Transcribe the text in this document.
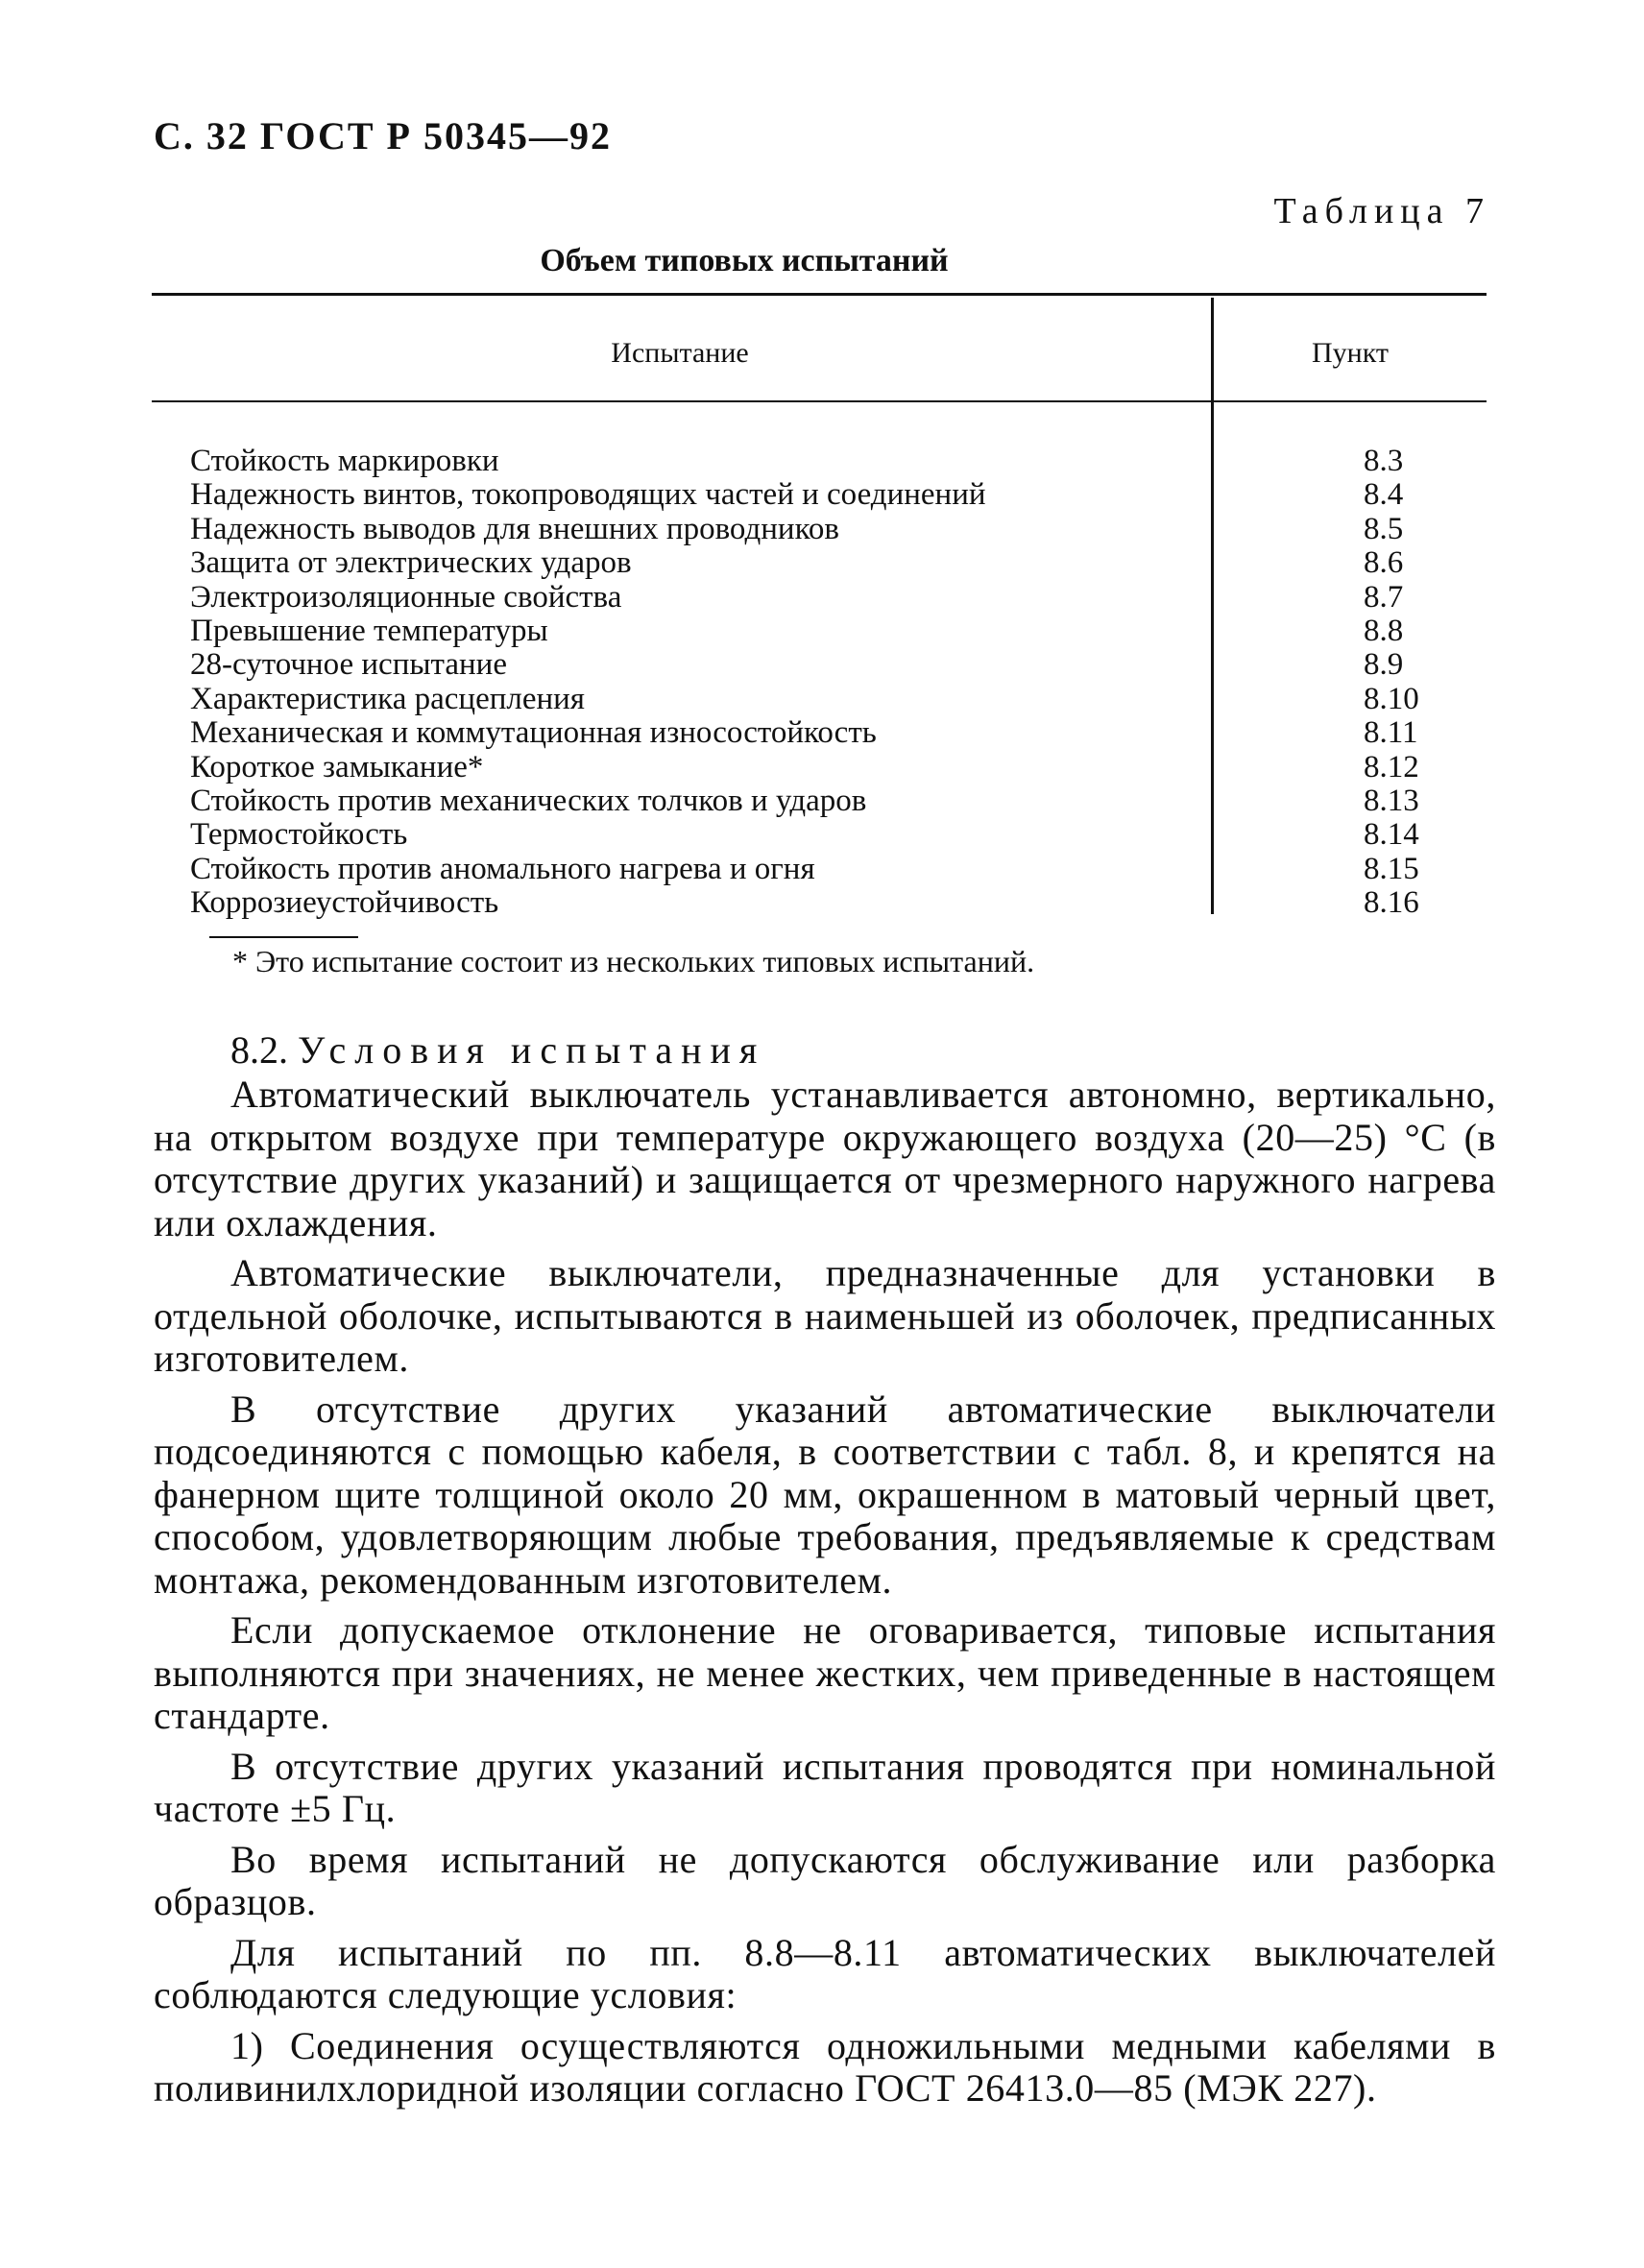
С. 32 ГОСТ Р 50345—92
Таблица 7
Объем типовых испытаний
Испытание	Пункт
Стойкость маркировки	8.3
Надежность винтов, токопроводящих частей и соединений	8.4
Надежность выводов для внешних проводников	8.5
Защита от электрических ударов	8.6
Электроизоляционные свойства	8.7
Превышение температуры	8.8
28-суточное испытание	8.9
Характеристика расцепления	8.10
Механическая и коммутационная износостойкость	8.11
Короткое замыкание*	8.12
Стойкость против механических толчков и ударов	8.13
Термостойкость	8.14
Стойкость против аномального нагрева и огня	8.15
Коррозиеустойчивость	8.16
* Это испытание состоит из нескольких типовых испытаний.
8.2. Условия испытания

Автоматический выключатель устанавливается автономно, вертикально, на открытом воздухе при температуре окружающего воздуха (20—25) °С (в отсутствие других указаний) и защищается от чрезмерного наружного нагрева или охлаждения.

Автоматические выключатели, предназначенные для установки в отдельной оболочке, испытываются в наименьшей из оболочек, предписанных изготовителем.

В отсутствие других указаний автоматические выключатели подсоединяются с помощью кабеля, в соответствии с табл. 8, и крепятся на фанерном щите толщиной около 20 мм, окрашенном в матовый черный цвет, способом, удовлетворяющим любые требования, предъявляемые к средствам монтажа, рекомендованным изготовителем.

Если допускаемое отклонение не оговаривается, типовые испытания выполняются при значениях, не менее жестких, чем приведенные в настоящем стандарте.

В отсутствие других указаний испытания проводятся при номинальной частоте ±5 Гц.

Во время испытаний не допускаются обслуживание или разборка образцов.

Для испытаний по пп. 8.8—8.11 автоматических выключателей соблюдаются следующие условия:

1) Соединения осуществляются одножильными медными кабелями в поливинилхлоридной изоляции согласно ГОСТ 26413.0—85 (МЭК 227).
